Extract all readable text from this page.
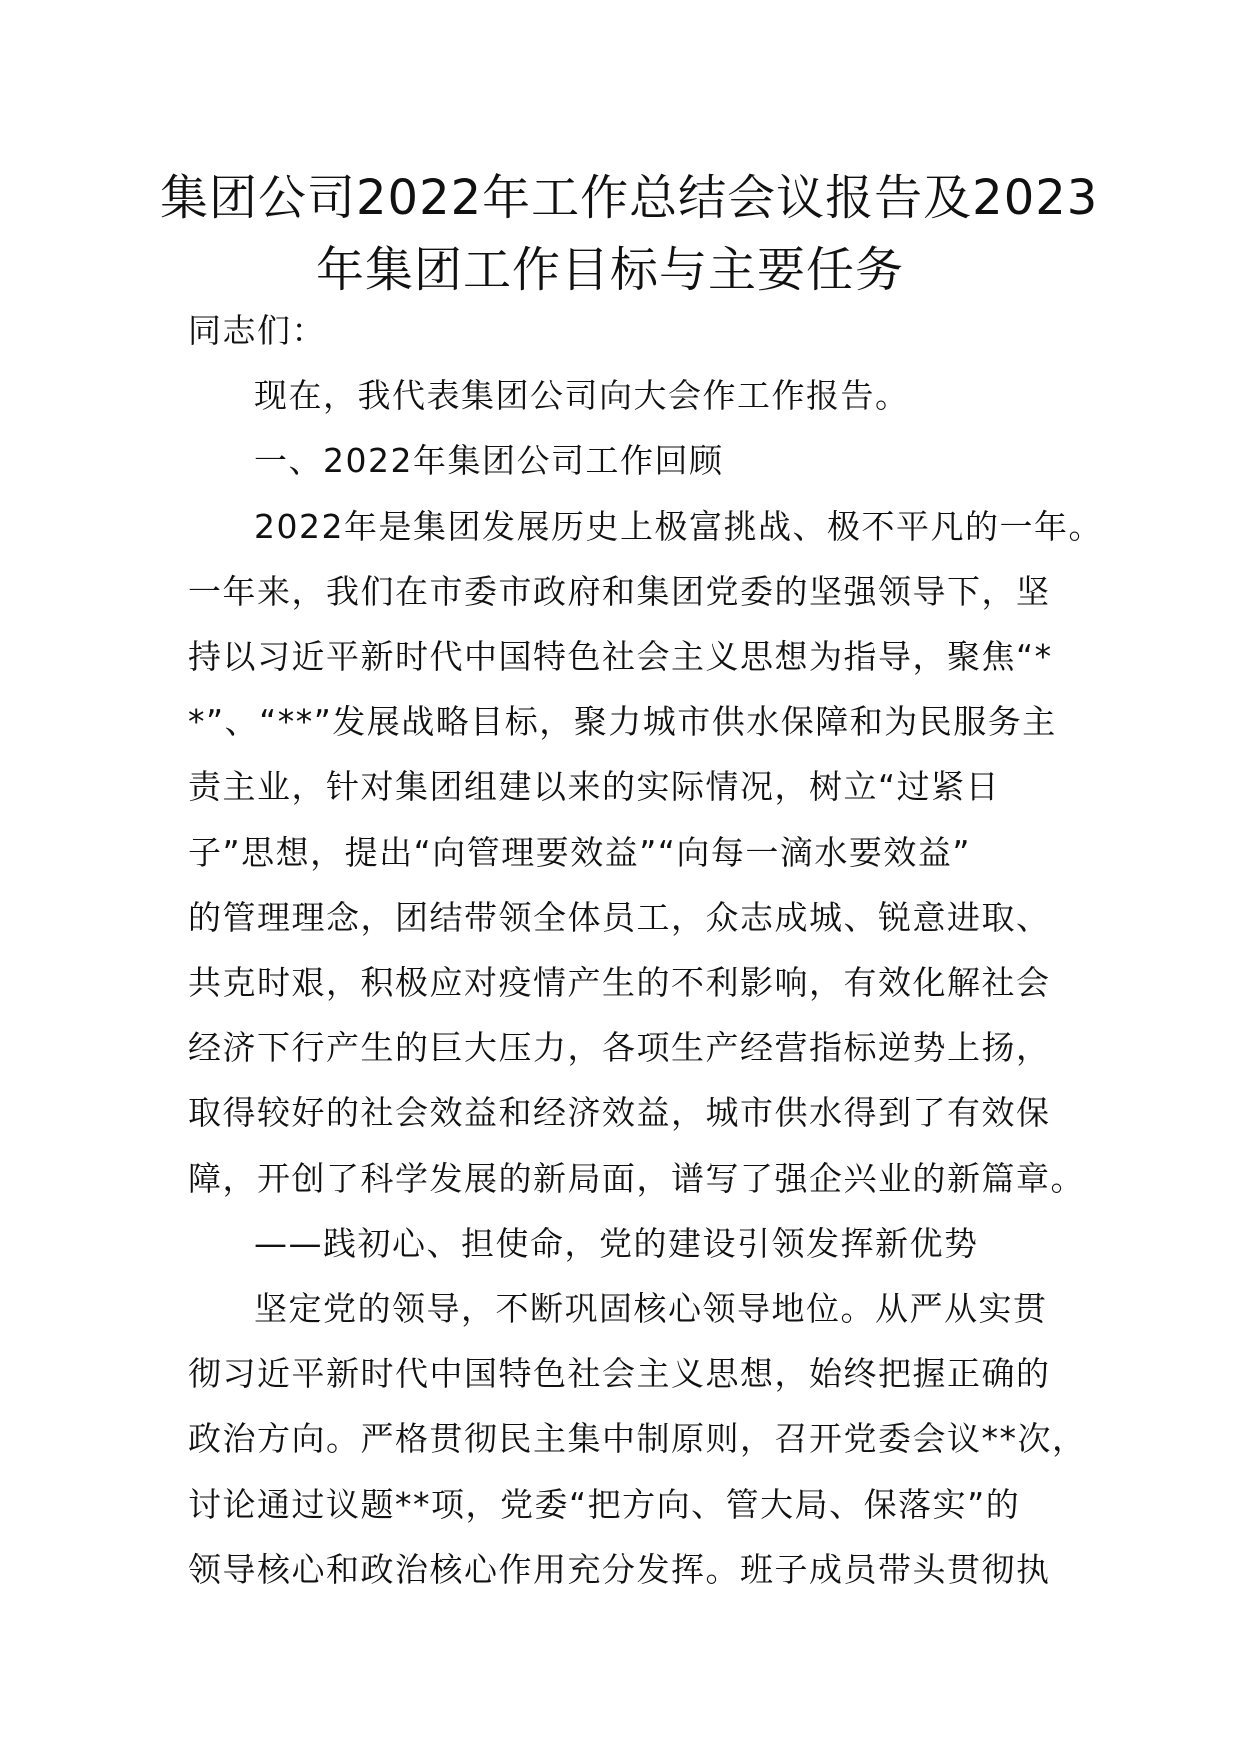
集团公司2022年工作总结会议报告及2023
年集团工作目标与主要任务

同志们：

现在，我代表集团公司向大会作工作报告。

一、2022年集团公司工作回顾

2022年是集团发展历史上极富挑战、极不平凡的一年。
一年来，我们在市委市政府和集团党委的坚强领导下，坚
持以习近平新时代中国特色社会主义思想为指导，聚焦“*
*”、“**”发展战略目标，聚力城市供水保障和为民服务主
责主业，针对集团组建以来的实际情况，树立“过紧日
子”思想，提出“向管理要效益”“向每一滴水要效益”
的管理理念，团结带领全体员工，众志成城、锐意进取、
共克时艰，积极应对疫情产生的不利影响，有效化解社会
经济下行产生的巨大压力，各项生产经营指标逆势上扬，
取得较好的社会效益和经济效益，城市供水得到了有效保
障，开创了科学发展的新局面，谱写了强企兴业的新篇章。

——践初心、担使命，党的建设引领发挥新优势

坚定党的领导，不断巩固核心领导地位。从严从实贯
彻习近平新时代中国特色社会主义思想，始终把握正确的
政治方向。严格贯彻民主集中制原则，召开党委会议**次，
讨论通过议题**项，党委“把方向、管大局、保落实”的
领导核心和政治核心作用充分发挥。班子成员带头贯彻执
